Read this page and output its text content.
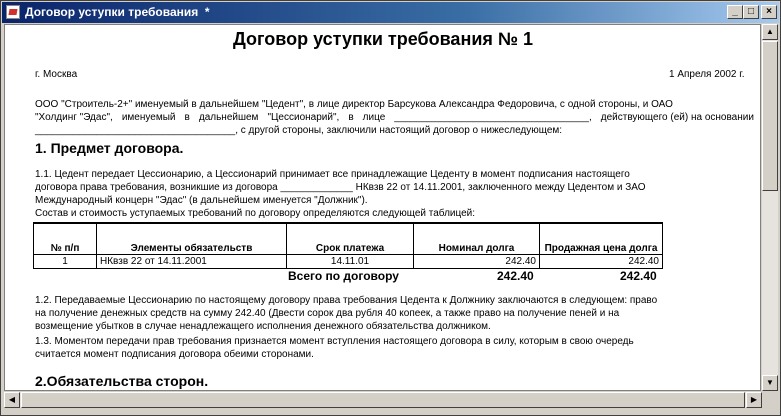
Договор уступки требования  *	_	□	×
Договор уступки требования № 1
г. Москва	1 Апреля 2002 г.
ООО "Строитель-2+" именуемый в дальнейшем "Цедент", в лице директор Барсукова Александра Федоровича, с одной стороны, и ОАО
"Холдинг "Эдас", именуемый в дальнейшем "Цессионарий", в лице ___________________________________, действующего (ей) на основании
____________________________________, с другой стороны, заключили настоящий договор о нижеследующем:
1. Предмет договора.
1.1. Цедент передает Цессионарию, а Цессионарий принимает все принадлежащие Цеденту в момент подписания настоящего
договора права требования, возникшие из договора _____________ НКвзв 22 от 14.11.2001, заключенного между Цедентом и ЗАО
Международный концерн "Эдас" (в дальнейшем именуется "Должник").
Состав и стоимость уступаемых требований по договору определяются следующей таблицей:
№ п/п	Элементы обязательств	Срок платежа	Номинал долга	Продажная цена долга
1	НКвзв 22 от 14.11.2001	14.11.01	242.40	242.40
Всего по договору	242.40	242.40
1.2. Передаваемые Цессионарию по настоящему договору права требования Цедента к Должнику заключаются в следующем: право
на получение денежных средств на сумму 242.40 (Двести сорок два рубля 40 копеек, а также право на получение пеней и на
возмещение убытков в случае ненадлежащего исполнения денежного обязательства должником.
1.3. Моментом передачи прав требования признается момент вступления настоящего договора в силу, которым в свою очередь
считается момент подписания договора обеими сторонами.
2.Обязательства сторон.
▲
▼
◀	▶
